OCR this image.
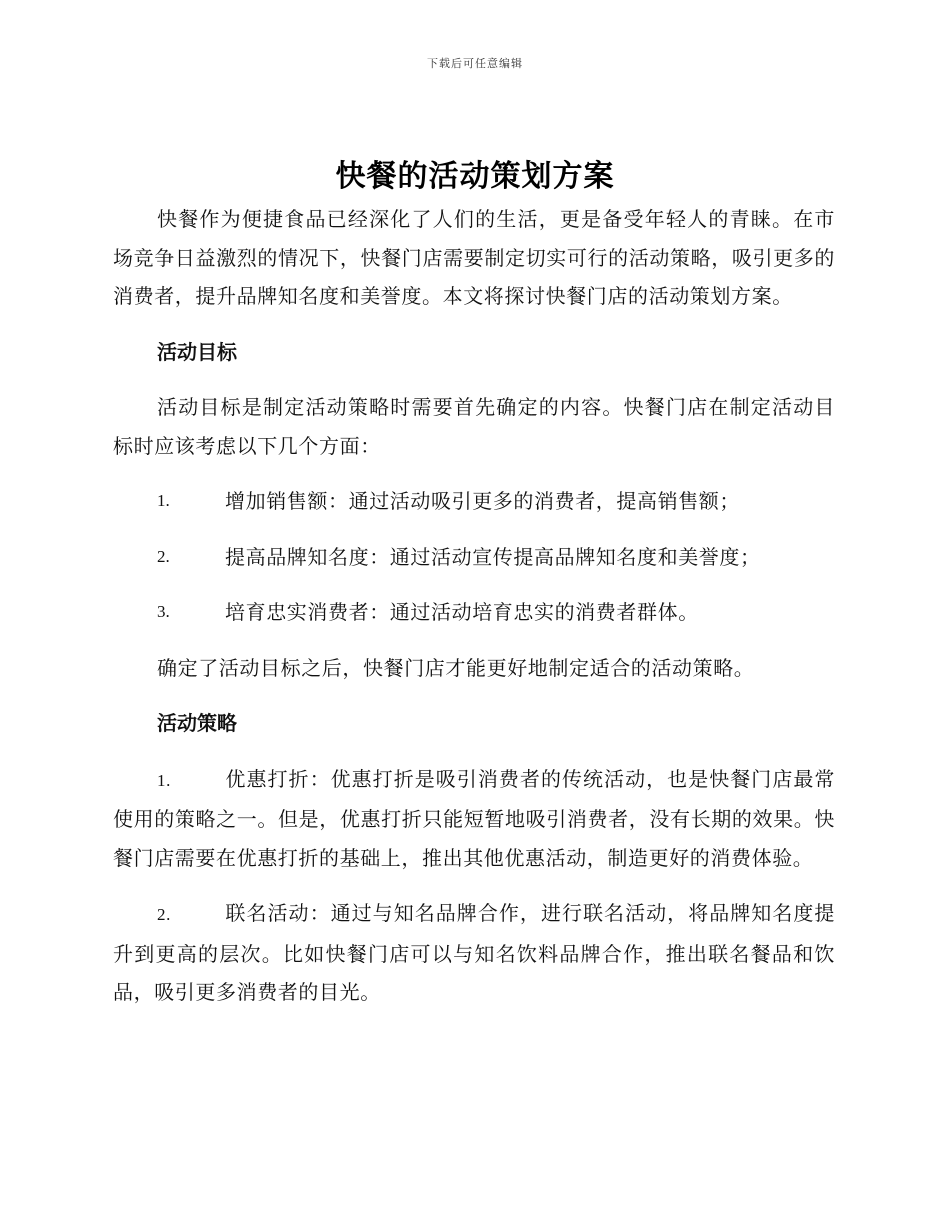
下载后可任意编辑
快餐的活动策划方案

快餐作为便捷食品已经深化了人们的生活，更是备受年轻人的青睐。在市场竞争日益激烈的情况下，快餐门店需要制定切实可行的活动策略，吸引更多的消费者，提升品牌知名度和美誉度。本文将探讨快餐门店的活动策划方案。

活动目标

活动目标是制定活动策略时需要首先确定的内容。快餐门店在制定活动目标时应该考虑以下几个方面：

1.	增加销售额：通过活动吸引更多的消费者，提高销售额；
2.	提高品牌知名度：通过活动宣传提高品牌知名度和美誉度；
3.	培育忠实消费者：通过活动培育忠实的消费者群体。

确定了活动目标之后，快餐门店才能更好地制定适合的活动策略。

活动策略

1.	优惠打折：优惠打折是吸引消费者的传统活动，也是快餐门店最常使用的策略之一。但是，优惠打折只能短暂地吸引消费者，没有长期的效果。快餐门店需要在优惠打折的基础上，推出其他优惠活动，制造更好的消费体验。

2.	联名活动：通过与知名品牌合作，进行联名活动，将品牌知名度提升到更高的层次。比如快餐门店可以与知名饮料品牌合作，推出联名餐品和饮品，吸引更多消费者的目光。
